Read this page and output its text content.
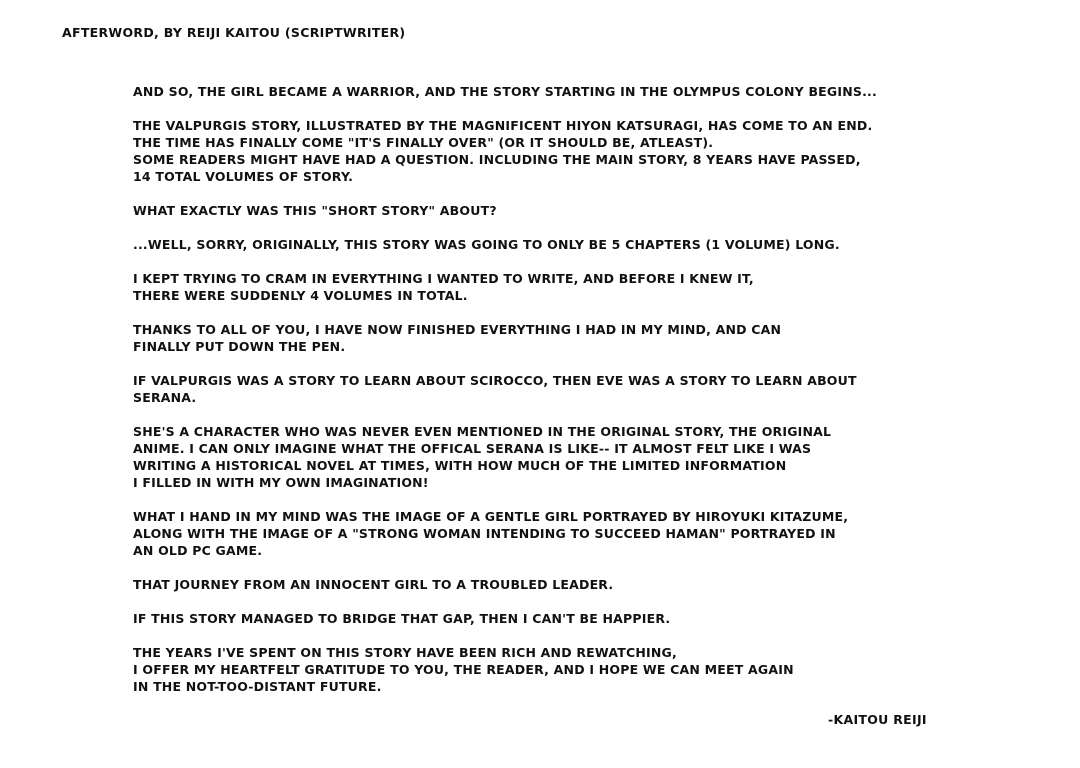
AFTERWORD, BY REIJI KAITOU (SCRIPTWRITER)
AND SO, THE GIRL BECAME A WARRIOR, AND THE STORY STARTING IN THE OLYMPUS COLONY BEGINS...
THE VALPURGIS STORY, ILLUSTRATED BY THE MAGNIFICENT HIYON KATSURAGI, HAS COME TO AN END.
THE TIME HAS FINALLY COME "IT'S FINALLY OVER" (OR IT SHOULD BE, ATLEAST).
SOME READERS MIGHT HAVE HAD A QUESTION. INCLUDING THE MAIN STORY, 8 YEARS HAVE PASSED,
14 TOTAL VOLUMES OF STORY.
WHAT EXACTLY WAS THIS "SHORT STORY" ABOUT?
...WELL, SORRY, ORIGINALLY, THIS STORY WAS GOING TO ONLY BE 5 CHAPTERS (1 VOLUME) LONG.
I KEPT TRYING TO CRAM IN EVERYTHING I WANTED TO WRITE, AND BEFORE I KNEW IT,
THERE WERE SUDDENLY 4 VOLUMES IN TOTAL.
THANKS TO ALL OF YOU, I HAVE NOW FINISHED EVERYTHING I HAD IN MY MIND, AND CAN
FINALLY PUT DOWN THE PEN.
IF VALPURGIS WAS A STORY TO LEARN ABOUT SCIROCCO, THEN EVE WAS A STORY TO LEARN ABOUT
SERANA.
SHE'S A CHARACTER WHO WAS NEVER EVEN MENTIONED IN THE ORIGINAL STORY, THE ORIGINAL
ANIME. I CAN ONLY IMAGINE WHAT THE OFFICAL SERANA IS LIKE-- IT ALMOST FELT LIKE I WAS
WRITING A HISTORICAL NOVEL AT TIMES, WITH HOW MUCH OF THE LIMITED INFORMATION
I FILLED IN WITH MY OWN IMAGINATION!
WHAT I HAND IN MY MIND WAS THE IMAGE OF A GENTLE GIRL PORTRAYED BY HIROYUKI KITAZUME,
ALONG WITH THE IMAGE OF A "STRONG WOMAN INTENDING TO SUCCEED HAMAN" PORTRAYED IN
AN OLD PC GAME.
THAT JOURNEY FROM AN INNOCENT GIRL TO A TROUBLED LEADER.
IF THIS STORY MANAGED TO BRIDGE THAT GAP, THEN I CAN'T BE HAPPIER.
THE YEARS I'VE SPENT ON THIS STORY HAVE BEEN RICH AND REWATCHING,
I OFFER MY HEARTFELT GRATITUDE TO YOU, THE READER, AND I HOPE WE CAN MEET AGAIN
IN THE NOT-TOO-DISTANT FUTURE.
-KAITOU REIJI
